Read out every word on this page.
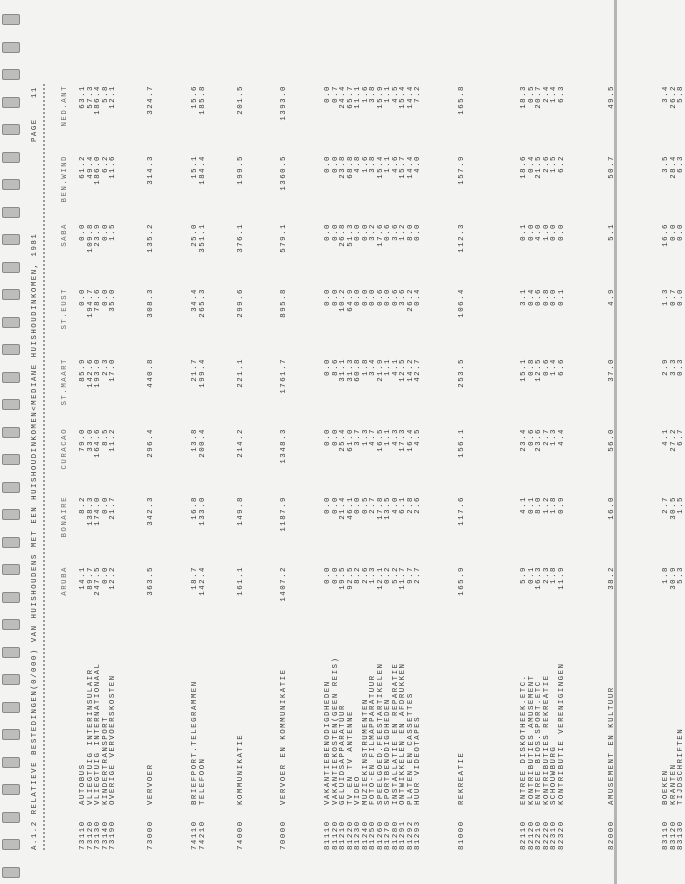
A.1.2 RELATIEVE BESTEDINGEN(0/000) VAN HUISHOUDENS MET EEN HUISHOUDINKOMEN<MEDIANE HUISHOUDINKOMEN, 1981
PAGE
11
ARUBA
BONAIRE
CURACAO
ST.MAART
ST.EUST
SABA
BEN.WIND
NED.ANT
73110
AUTOBUS
14.1
8.2
79.0
85.9
0.0
0.0
61.2
63.1
73120
VLIEGTUIG INTERINSULAIR
89.7
138.3
33.0
142.6
194.7
109.8
49.4
57.3
73130
VLIEGTUIG INTERNATIONAAL
247.5
174.0
164.6
193.0
78.6
23.9
186.0
186.4
73140
KINDERTRANSPORT
0.0
0.0
8.5
2.3
0.0
0.0
6.2
5.8
73190
OVERIGE VERVOERSKOSTEN
12.2
21.7
11.2
17.0
35.0
1.5
11.6
12.1
73000
VERVOER
363.5
342.3
296.4
440.8
308.3
135.2
314.3
324.7
74110
BRIEFPORT.TELEGRAMMEN
18.7
16.8
13.8
21.7
34.4
25.0
15.1
15.6
74210
TELEFOON
142.4
133.0
200.4
199.4
265.3
351.1
184.4
185.8
74000
KOMMUNIKATIE
161.1
149.8
214.2
221.1
299.6
376.1
199.5
201.5
70000
VERVOER EN KOMMUNIKATIE
1407.2
1187.9
1348.3
1761.7
895.8
579.1
1360.5
1393.0
81110
VAKANTIEBENODIGDHEDEN
0.0
0.0
0.0
0.0
0.0
0.0
0.0
0.0
81120
VAKANTIEKOSTEN(GEEN REIS)
0.0
0.0
0.0
8.6
0.0
0.0
0.0
0.7
81210
GELUIDSAPPARATUUR
19.5
21.4
25.4
31.1
10.2
26.8
23.8
24.4
81220
TV EN TV ANTENNE
92.5
46.1
61.0
31.3
64.9
51.3
68.8
65.7
81230
VIDEO
8.2
0.0
3.7
60.8
0.0
0.0
4.8
11.1
81240
MUZIEKINSTRUMENTEN
2.6
0.5
1.3
1.8
0.0
0.0
1.6
1.6
81250
FOTO-EN FILMAPPARATUUR
1.3
2.7
4.7
3.4
0.0
3.2
3.8
3.8
81260
SPEELGOED.FEESTARTIKELEN
12.1
17.8
16.5
21.9
0.6
17.6
15.4
15.9
81270
SPORTBENODIGDHEDEN
0.2
13.5
1.1
1.1
0.0
0.6
1.1
1.1
81280
INSTALLATIE EN REPARATIE
5.2
4.0
4.3
4.1
0.6
3.6
4.6
4.5
81291
ONTWIKKELEN EN AFDRUKKEN
11.7
6.1
17.3
12.5
3.6
1.2
15.7
15.4
81292
PLATEN EN CASSETTES
9.7
2.8
16.4
14.2
26.2
8.0
14.4
14.4
81293
HUUR VIDEOTAPES
2.7
2.6
4.5
42.7
0.4
0.0
4.0
7.2
81000
REKREATIE
165.9
117.6
156.1
253.5
106.4
112.3
157.9
165.8
82110
ENTREE DISKOTHEEK.ETC.
5.9
4.1
23.4
15.1
3.1
0.1
18.6
18.3
82120
KONTRIBUTIES AMUSEMENT
0.1
0.1
0.6
0.8
0.4
0.0
0.4
0.5
82210
ENTREE BIOS.SPORT.ETC
16.3
8.0
23.6
12.5
0.6
4.0
21.5
20.7
82220
KONTRIBUTIES REKREATIE
2.3
1.2
2.7
0.6
0.8
1.0
2.6
2.4
82310
SCHOUWBURG
1.8
1.8
1.3
1.4
0.0
0.0
1.5
1.4
82320
KONTRIBUTIE VERENIGINGEN
11.9
0.9
4.4
6.6
0.1
0.0
6.2
6.3
82000
AMUSEMENT EN KULTUUR
38.2
16.0
56.0
37.0
4.9
5.1
50.7
49.5
83110
BOEKEN
1.8
2.7
4.1
2.9
1.3
16.6
3.5
3.4
83120
KRANTEN
30.9
30.5
27.2
3.3
0.7
0.0
28.4
26.2
83130
TIJDSCHRIFTEN
5.3
1.5
6.7
0.3
0.0
0.0
6.3
5.8
